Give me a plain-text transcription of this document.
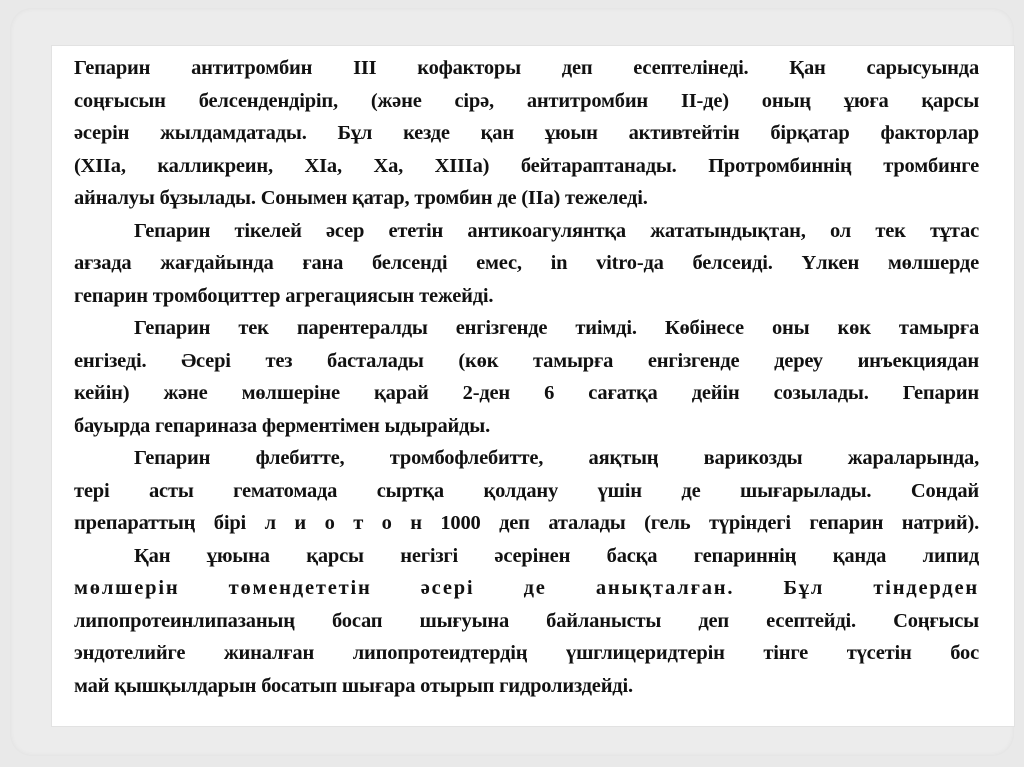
Гепарин антитромбин III кофакторы деп есептелінеді. Қан сарысуында
соңғысын белсендендіріп, (және сірә, антитромбин II-де) оның ұюға қарсы
әсерін жылдамдатады. Бұл кезде қан ұюын активтейтін бірқатар факторлар
(XIIa, калликреин, XIa, Xa, XIIIa) бейтараптанады. Протромбиннің тромбинге
айналуы бұзылады. Сонымен қатар, тромбин де (IIa) тежеледі.
Гепарин тікелей әсер ететін антикоагулянтқа жататындықтан, ол тек тұтас
ағзада жағдайында ғана белсенді емес, in vitro-да белсеиді. Үлкен мөлшерде
гепарин тромбоциттер агрегациясын тежейді.
Гепарин тек парентералды енгізгенде тиімді. Көбінесе оны көк тамырға
енгізеді. Әсері тез басталады (көк тамырға енгізгенде дереу инъекциядан
кейін) және мөлшеріне қарай 2-ден 6 сағатқа дейін созылады. Гепарин
бауырда гепариназа ферментімен ыдырайды.
Гепарин флебитте, тромбофлебитте, аяқтың варикозды жараларында,
тері асты гематомада сыртқа қолдану үшін де шығарылады. Сондай
препараттың бірі л и о т о н 1000 деп аталады (гель түріндегі гепарин натрий).
Қан ұюына қарсы негізгі әсерінен басқа гепариннің қанда липид
мөлшерін төмендететін әсері де анықталған. Бұл тіндерден
липопротеинлипазаның босап шығуына байланысты деп есептейді. Соңғысы
эндотелийге жиналған липопротеидтердің үшглицеридтерін тінге түсетін бос
май қышқылдарын босатып шығара отырып гидролиздейді.
